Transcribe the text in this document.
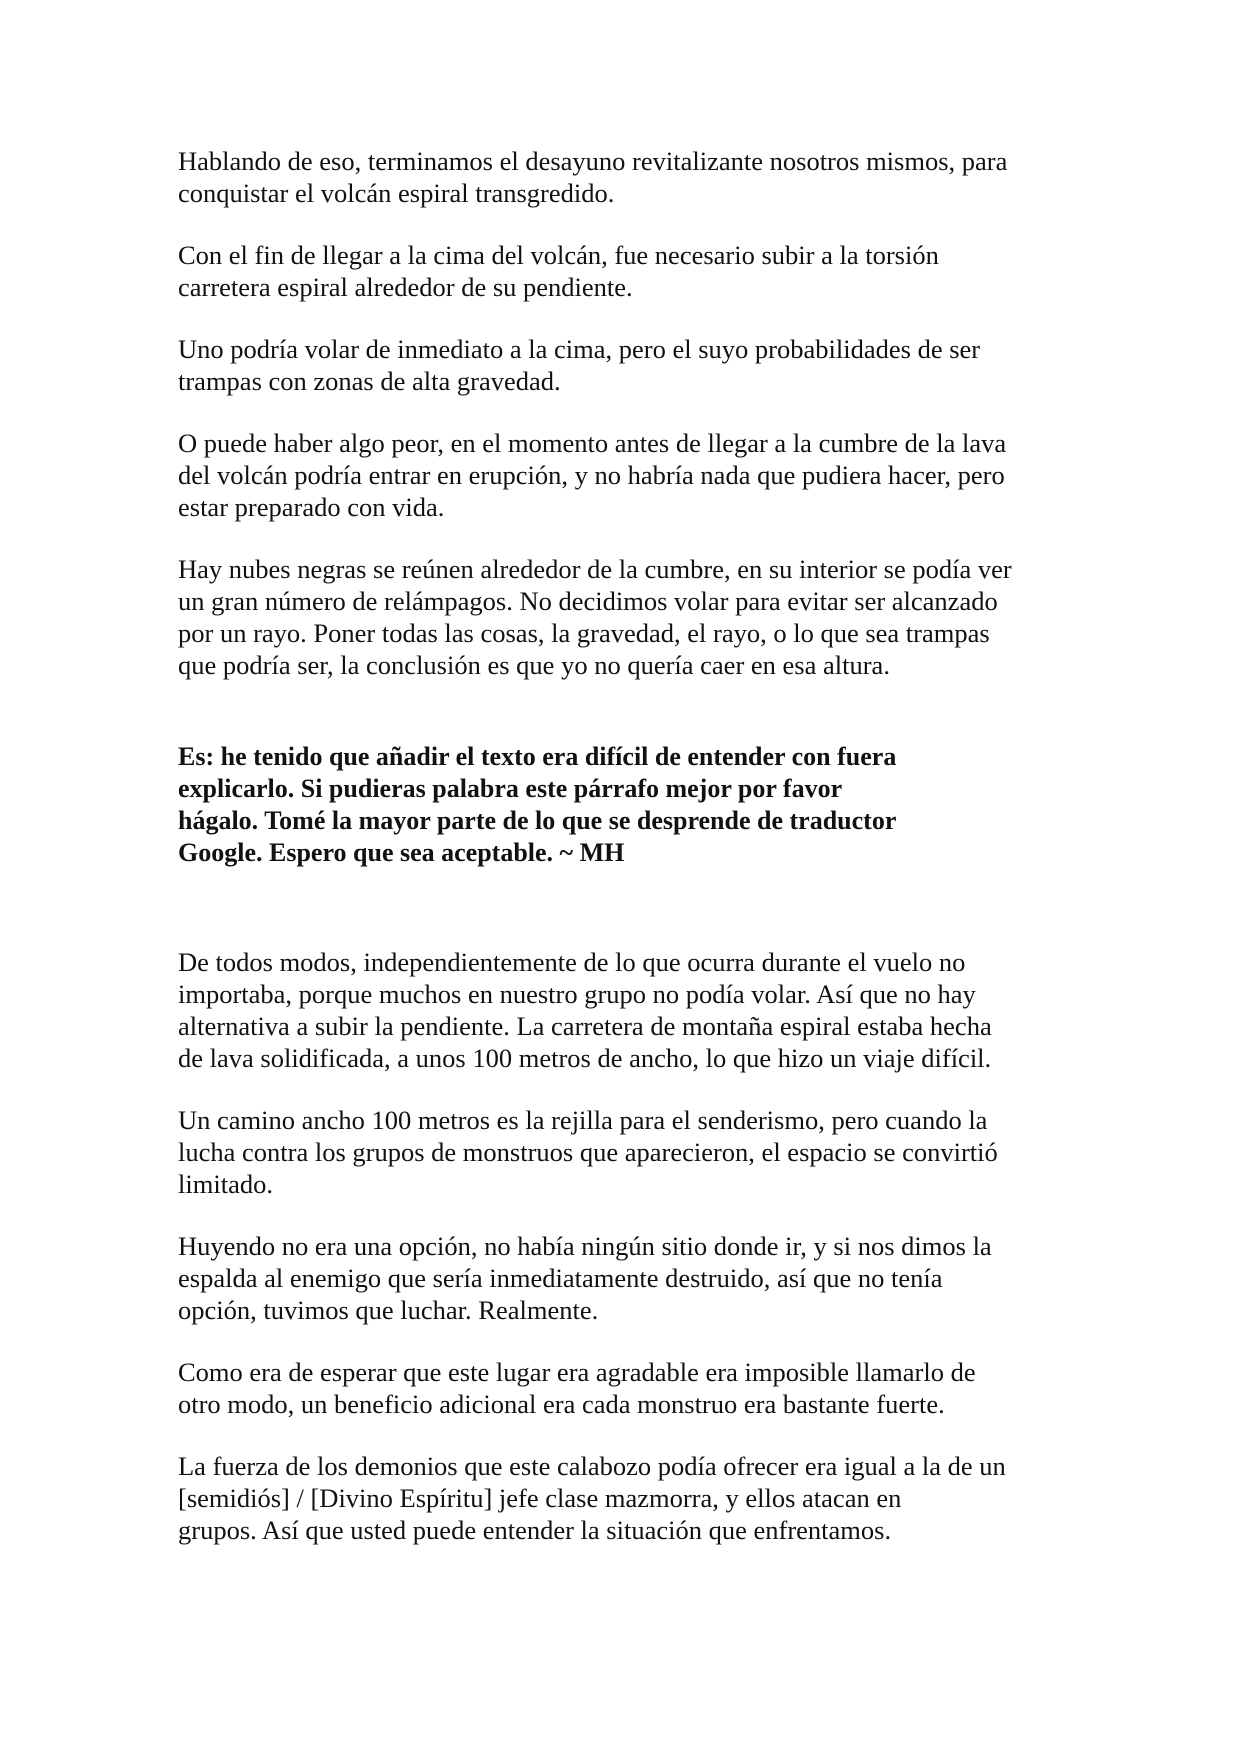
Hablando de eso, terminamos el desayuno revitalizante nosotros mismos, para
conquistar el volcán espiral transgredido.

Con el fin de llegar a la cima del volcán, fue necesario subir a la torsión
carretera espiral alrededor de su pendiente.

Uno podría volar de inmediato a la cima, pero el suyo probabilidades de ser
trampas con zonas de alta gravedad.

O puede haber algo peor, en el momento antes de llegar a la cumbre de la lava
del volcán podría entrar en erupción, y no habría nada que pudiera hacer, pero
estar preparado con vida.

Hay nubes negras se reúnen alrededor de la cumbre, en su interior se podía ver
un gran número de relámpagos. No decidimos volar para evitar ser alcanzado
por un rayo. Poner todas las cosas, la gravedad, el rayo, o lo que sea trampas
que podría ser, la conclusión es que yo no quería caer en esa altura.

Es: he tenido que añadir el texto era difícil de entender con fuera
explicarlo. Si pudieras palabra este párrafo mejor por favor
hágalo. Tomé la mayor parte de lo que se desprende de traductor
Google. Espero que sea aceptable. ~ MH

De todos modos, independientemente de lo que ocurra durante el vuelo no
importaba, porque muchos en nuestro grupo no podía volar. Así que no hay
alternativa a subir la pendiente. La carretera de montaña espiral estaba hecha
de lava solidificada, a unos 100 metros de ancho, lo que hizo un viaje difícil.

Un camino ancho 100 metros es la rejilla para el senderismo, pero cuando la
lucha contra los grupos de monstruos que aparecieron, el espacio se convirtió
limitado.

Huyendo no era una opción, no había ningún sitio donde ir, y si nos dimos la
espalda al enemigo que sería inmediatamente destruido, así que no tenía
opción, tuvimos que luchar. Realmente.

Como era de esperar que este lugar era agradable era imposible llamarlo de
otro modo, un beneficio adicional era cada monstruo era bastante fuerte.

La fuerza de los demonios que este calabozo podía ofrecer era igual a la de un
[semidiós] / [Divino Espíritu] jefe clase mazmorra, y ellos atacan en
grupos. Así que usted puede entender la situación que enfrentamos.
